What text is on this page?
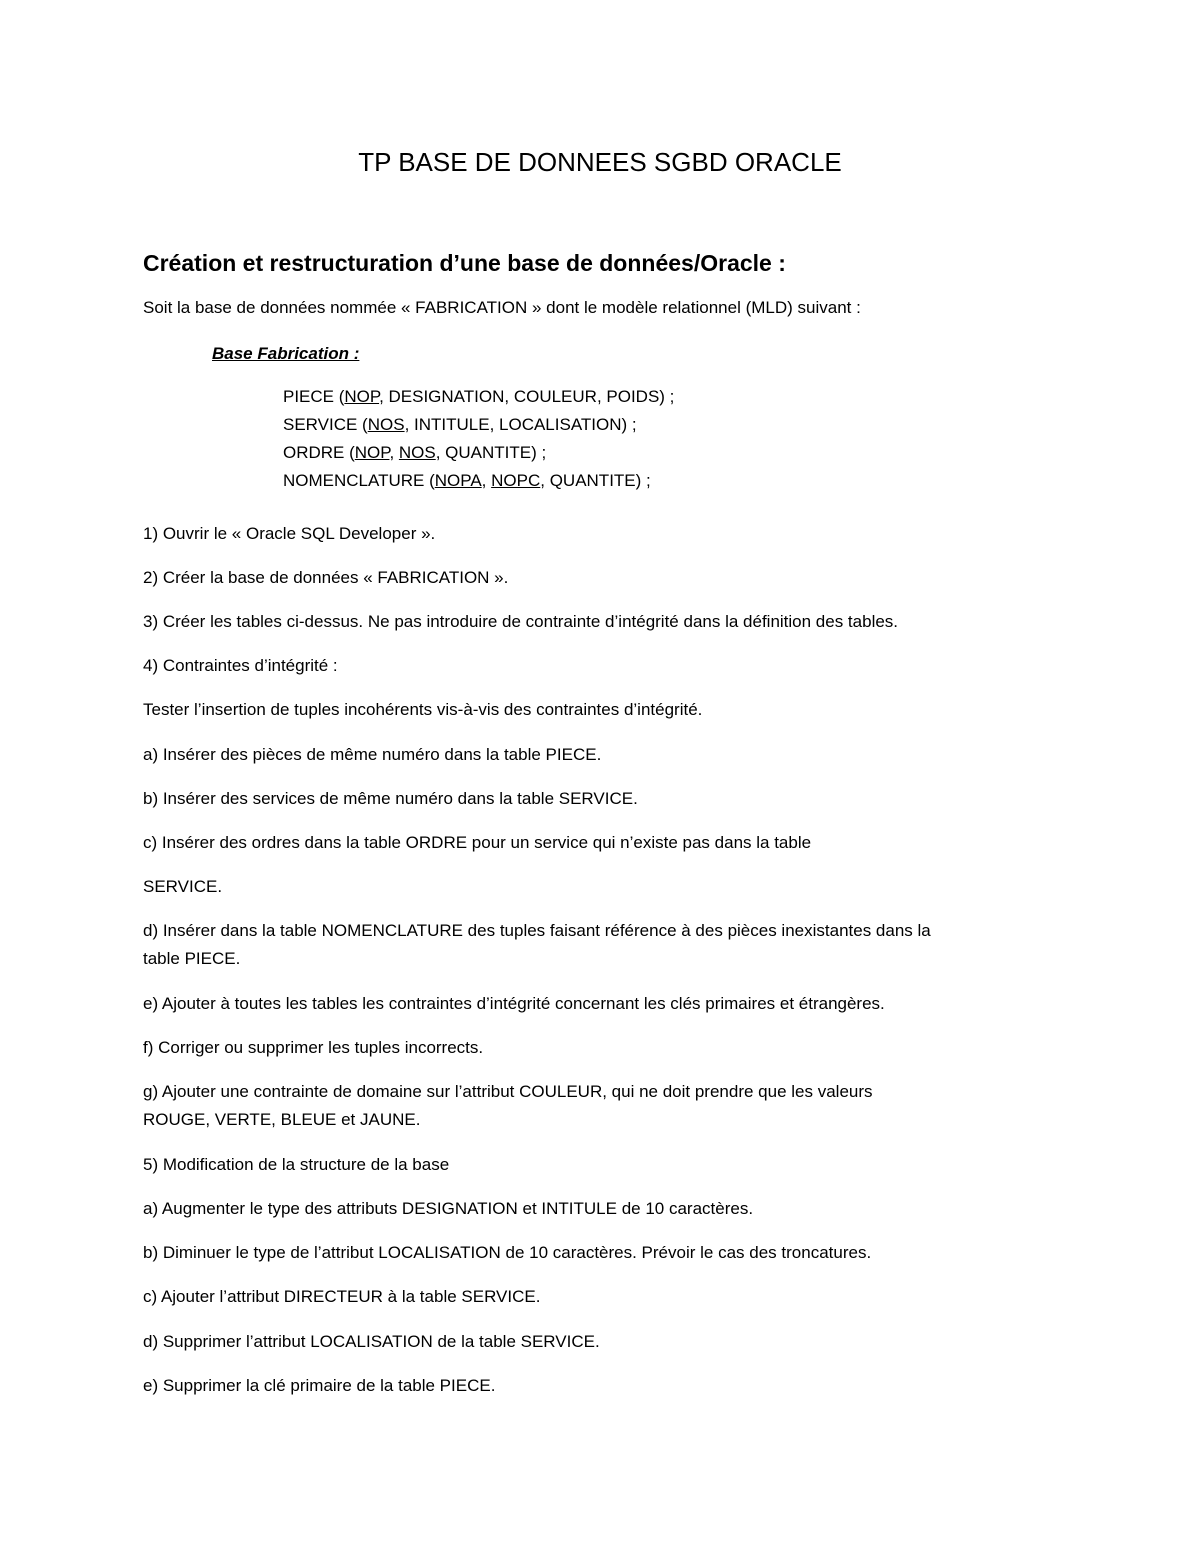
TP BASE DE DONNEES SGBD ORACLE
Création et restructuration d’une base de données/Oracle :
Soit la base de données nommée « FABRICATION » dont le modèle relationnel (MLD) suivant :
Base Fabrication :
PIECE (NOP, DESIGNATION, COULEUR, POIDS) ;
SERVICE (NOS, INTITULE, LOCALISATION) ;
ORDRE (NOP, NOS, QUANTITE) ;
NOMENCLATURE (NOPA, NOPC, QUANTITE) ;
1) Ouvrir le « Oracle SQL Developer ».
2) Créer la base de données « FABRICATION ».
3) Créer les tables ci-dessus. Ne pas introduire de contrainte d’intégrité dans la définition des tables.
4) Contraintes d’intégrité :
Tester l’insertion de tuples incohérents vis-à-vis des contraintes d’intégrité.
a) Insérer des pièces de même numéro dans la table PIECE.
b) Insérer des services de même numéro dans la table SERVICE.
c) Insérer des ordres dans la table ORDRE pour un service qui n’existe pas dans la table
SERVICE.
d) Insérer dans la table NOMENCLATURE des tuples faisant référence à des pièces inexistantes dans la
table PIECE.
e) Ajouter à toutes les tables les contraintes d’intégrité concernant les clés primaires et étrangères.
f) Corriger ou supprimer les tuples incorrects.
g) Ajouter une contrainte de domaine sur l’attribut COULEUR, qui ne doit prendre que les valeurs
ROUGE, VERTE, BLEUE et JAUNE.
5) Modification de la structure de la base
a) Augmenter le type des attributs DESIGNATION et INTITULE de 10 caractères.
b) Diminuer le type de l’attribut LOCALISATION de 10 caractères. Prévoir le cas des troncatures.
c) Ajouter l’attribut DIRECTEUR à la table SERVICE.
d) Supprimer l’attribut LOCALISATION de la table SERVICE.
e) Supprimer la clé primaire de la table PIECE.
